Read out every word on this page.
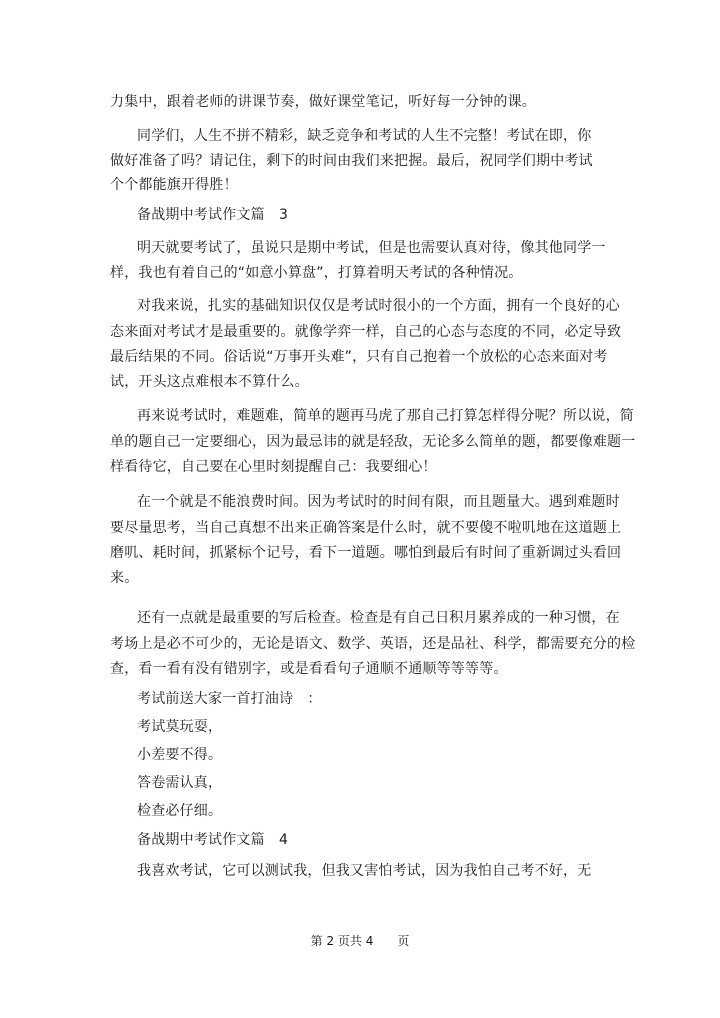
力集中，跟着老师的讲课节奏，做好课堂笔记，听好每一分钟的课。
同学们，人生不拼不精彩，缺乏竞争和考试的人生不完整！考试在即，你
做好准备了吗？请记住，剩下的时间由我们来把握。最后，祝同学们期中考试
个个都能旗开得胜！
备战期中考试作文篇　3
明天就要考试了，虽说只是期中考试，但是也需要认真对待，像其他同学一
样，我也有着自己的“如意小算盘”，打算着明天考试的各种情况。
对我来说，扎实的基础知识仅仅是考试时很小的一个方面，拥有一个良好的心
态来面对考试才是最重要的。就像学弈一样，自己的心态与态度的不同，必定导致
最后结果的不同。俗话说“万事开头难”，只有自己抱着一个放松的心态来面对考
试，开头这点难根本不算什么。
再来说考试时，难题难，简单的题再马虎了那自己打算怎样得分呢？所以说，简
单的题自己一定要细心，因为最忌讳的就是轻敌，无论多么简单的题，都要像难题一
样看待它，自己要在心里时刻提醒自己：我要细心！
在一个就是不能浪费时间。因为考试时的时间有限，而且题量大。遇到难题时
要尽量思考，当自己真想不出来正确答案是什么时，就不要傻不啦叽地在这道题上
磨叽、耗时间，抓紧标个记号，看下一道题。哪怕到最后有时间了重新调过头看回
来。
还有一点就是最重要的写后检查。检查是有自己日积月累养成的一种习惯，在
考场上是必不可少的，无论是语文、数学、英语，还是品社、科学，都需要充分的检
查，看一看有没有错别字，或是看看句子通顺不通顺等等等等。
考试前送大家一首打油诗　：
考试莫玩耍，
小差要不得。
答卷需认真，
检查必仔细。
备战期中考试作文篇　4
我喜欢考试，它可以测试我，但我又害怕考试，因为我怕自己考不好，无
第 2 页共 4　　页
